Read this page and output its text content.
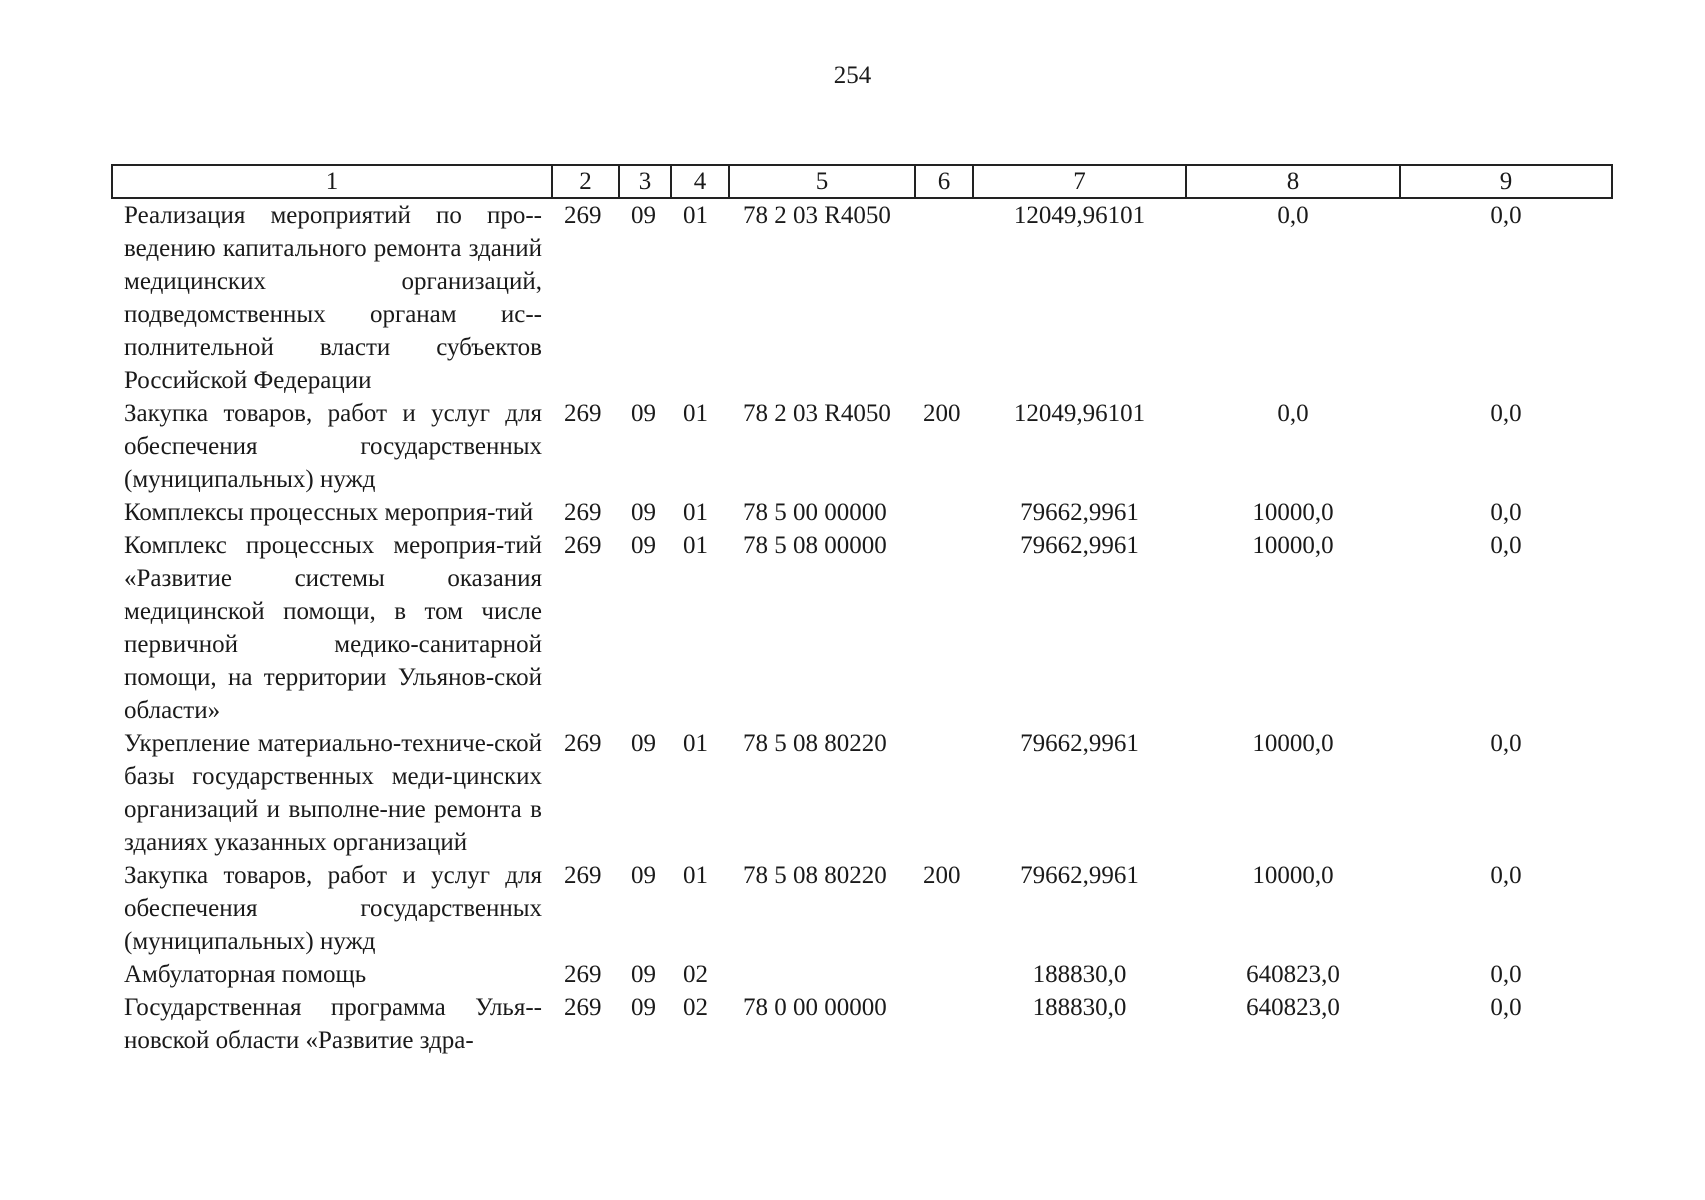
254
1	2	3	4	5	6	7	8	9
Реализация мероприятий по про-ведению капитального ремонта зданий медицинских организаций, подведомственных органам ис-полнительной власти субъектов Российской Федерации	269	09	01	78 2 03 R4050		12049,96101	0,0	0,0
Закупка товаров, работ и услуг для обеспечения государственных (муниципальных) нужд	269	09	01	78 2 03 R4050	200	12049,96101	0,0	0,0
Комплексы процессных мероприя-тий	269	09	01	78 5 00 00000		79662,9961	10000,0	0,0
Комплекс процессных мероприя-тий «Развитие системы оказания медицинской помощи, в том числе первичной медико-санитарной помощи, на территории Ульянов-ской области»	269	09	01	78 5 08 00000		79662,9961	10000,0	0,0
Укрепление материально-техниче-ской базы государственных меди-цинских организаций и выполне-ние ремонта в зданиях указанных организаций	269	09	01	78 5 08 80220		79662,9961	10000,0	0,0
Закупка товаров, работ и услуг для обеспечения государственных (муниципальных) нужд	269	09	01	78 5 08 80220	200	79662,9961	10000,0	0,0
Амбулаторная помощь	269	09	02			188830,0	640823,0	0,0
Государственная программа Улья-новской области «Развитие здра-	269	09	02	78 0 00 00000		188830,0	640823,0	0,0
